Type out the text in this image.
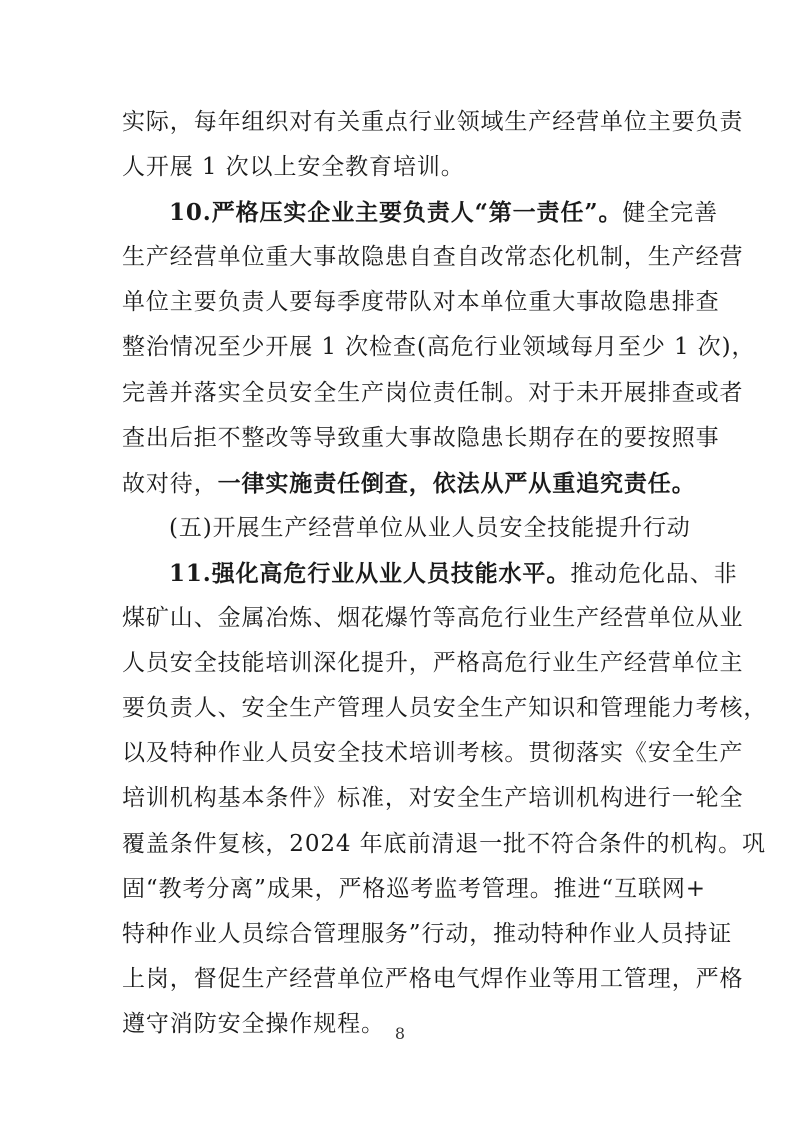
实际，每年组织对有关重点行业领域生产经营单位主要负责
人开展 1 次以上安全教育培训。
10.严格压实企业主要负责人“第一责任”。健全完善
生产经营单位重大事故隐患自查自改常态化机制，生产经营
单位主要负责人要每季度带队对本单位重大事故隐患排查
整治情况至少开展 1 次检查(高危行业领域每月至少 1 次)，
完善并落实全员安全生产岗位责任制。对于未开展排查或者
查出后拒不整改等导致重大事故隐患长期存在的要按照事
故对待，一律实施责任倒查，依法从严从重追究责任。
(五)开展生产经营单位从业人员安全技能提升行动
11.强化高危行业从业人员技能水平。推动危化品、非
煤矿山、金属冶炼、烟花爆竹等高危行业生产经营单位从业
人员安全技能培训深化提升，严格高危行业生产经营单位主
要负责人、安全生产管理人员安全生产知识和管理能力考核，
以及特种作业人员安全技术培训考核。贯彻落实《安全生产
培训机构基本条件》标准，对安全生产培训机构进行一轮全
覆盖条件复核，2024 年底前清退一批不符合条件的机构。巩
固“教考分离”成果，严格巡考监考管理。推进“互联网+
特种作业人员综合管理服务”行动，推动特种作业人员持证
上岗，督促生产经营单位严格电气焊作业等用工管理，严格
遵守消防安全操作规程。 8
